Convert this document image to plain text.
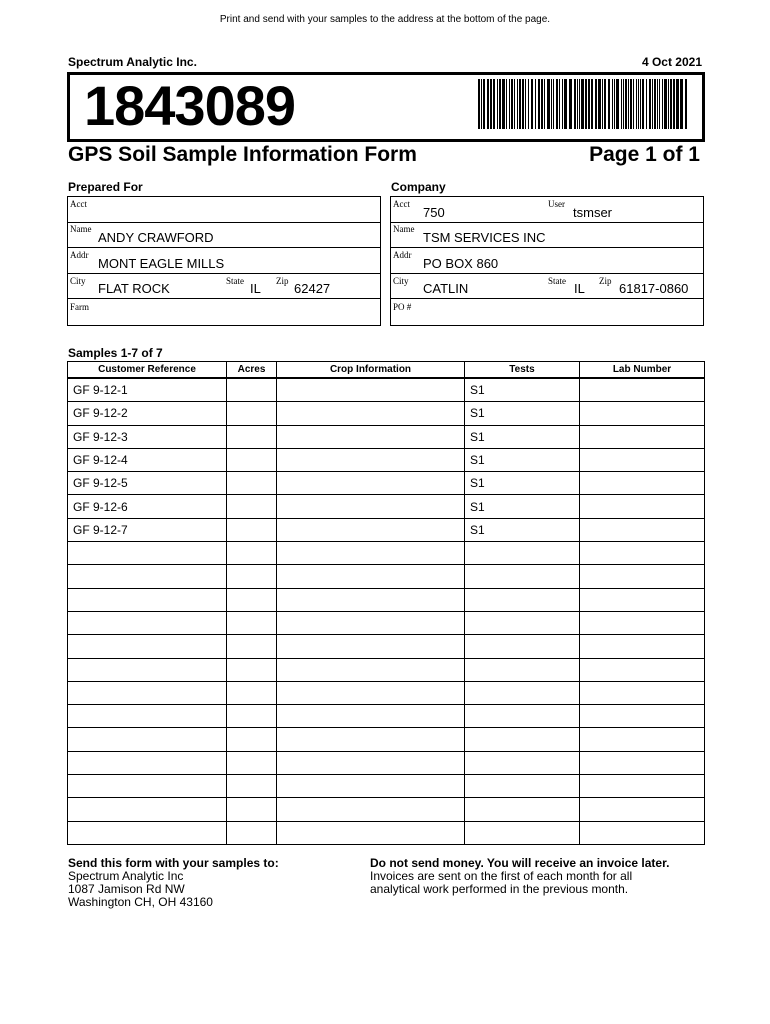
Print and send with your samples to the address at the bottom of the page.
Spectrum Analytic Inc.	4 Oct 2021
1843089
GPS Soil Sample Information Form	Page 1 of 1
Prepared For
Acct
Name
ANDY CRAWFORD
Addr
MONT EAGLE MILLS
City FLAT ROCK	State IL Zip 62427
Farm
Company
Acct
750
User
tsmser
Name
TSM SERVICES INC
Addr
PO BOX 860
City CATLIN	State IL Zip 61817-0860
PO #
Samples 1-7 of 7
Customer Reference	Acres	Crop Information	Tests	Lab Number
GF 9-12-1			S1	
GF 9-12-2			S1	
GF 9-12-3			S1	
GF 9-12-4			S1	
GF 9-12-5			S1	
GF 9-12-6			S1	
GF 9-12-7			S1	

Send this form with your samples to:
Spectrum Analytic Inc
1087 Jamison Rd NW
Washington CH, OH 43160
Do not send money. You will receive an invoice later.
Invoices are sent on the first of each month for all
analytical work performed in the previous month.
